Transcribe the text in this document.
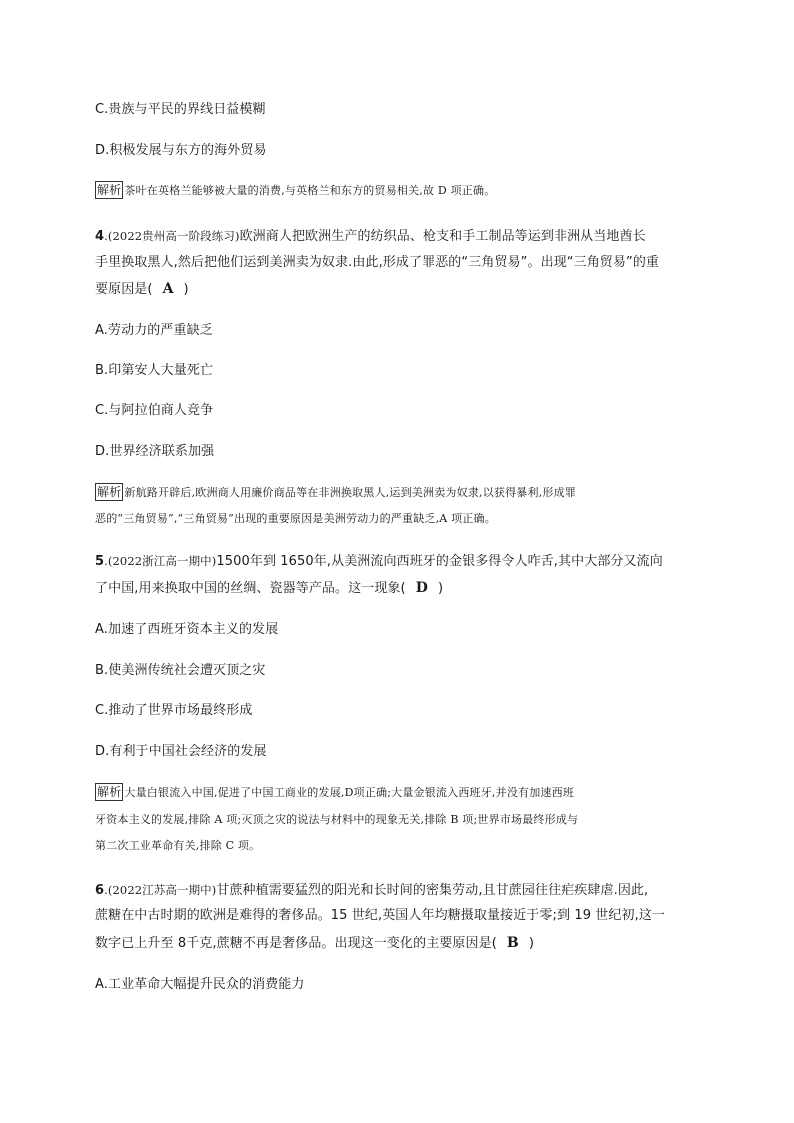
C.贵族与平民的界线日益模糊
D.积极发展与东方的海外贸易
解析 茶叶在英格兰能够被大量的消费,与英格兰和东方的贸易相关,故 D 项正确。
4.(2022贵州高一阶段练习)欧洲商人把欧洲生产的纺织品、枪支和手工制品等运到非洲从当地酋长
手里换取黑人,然后把他们运到美洲卖为奴隶.由此,形成了罪恶的“三角贸易”。出现“三角贸易”的重
要原因是( A )
A.劳动力的严重缺乏
B.印第安人大量死亡
C.与阿拉伯商人竞争
D.世界经济联系加强
解析 新航路开辟后,欧洲商人用廉价商品等在非洲换取黑人,运到美洲卖为奴隶,以获得暴利,形成罪
恶的“三角贸易”,“三角贸易”出现的重要原因是美洲劳动力的严重缺乏,A 项正确。
5.(2022浙江高一期中)1500年到 1650年,从美洲流向西班牙的金银多得令人咋舌,其中大部分又流向
了中国,用来换取中国的丝绸、瓷器等产品。这一现象( D )
A.加速了西班牙资本主义的发展
B.使美洲传统社会遭灭顶之灾
C.推动了世界市场最终形成
D.有利于中国社会经济的发展
解析 大量白银流入中国,促进了中国工商业的发展,D项正确;大量金银流入西班牙,并没有加速西班
牙资本主义的发展,排除 A 项;灭顶之灾的说法与材料中的现象无关,排除 B 项;世界市场最终形成与
第二次工业革命有关,排除 C 项。
6.(2022江苏高一期中)甘蔗种植需要猛烈的阳光和长时间的密集劳动,且甘蔗园往往疟疾肆虐.因此,
蔗糖在中古时期的欧洲是难得的奢侈品。15 世纪,英国人年均糖摄取量接近于零;到 19 世纪初,这一
数字已上升至 8千克,蔗糖不再是奢侈品。出现这一变化的主要原因是( B )
A.工业革命大幅提升民众的消费能力
